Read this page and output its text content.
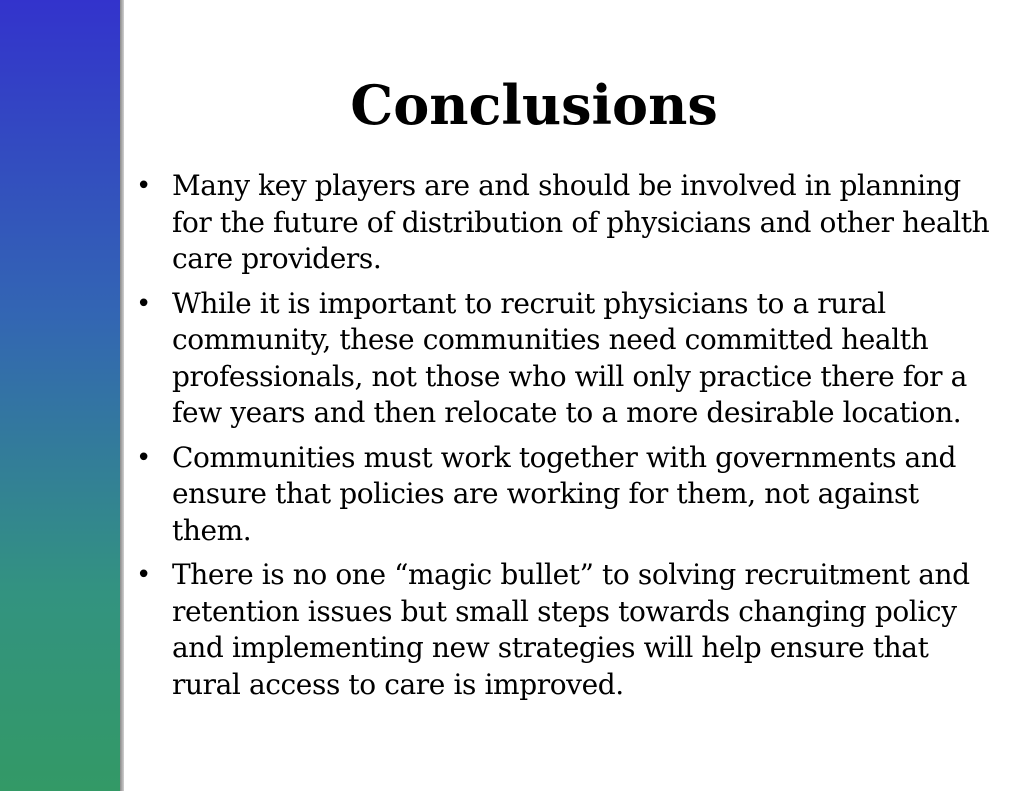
Conclusions
• Many key players are and should be involved in planning for the future of distribution of physicians and other health care providers.
• While it is important to recruit physicians to a rural community, these communities need committed health professionals, not those who will only practice there for a few years and then relocate to a more desirable location.
• Communities must work together with governments and ensure that policies are working for them, not against them.
• There is no one “magic bullet” to solving recruitment and retention issues but small steps towards changing policy and implementing new strategies will help ensure that rural access to care is improved.
